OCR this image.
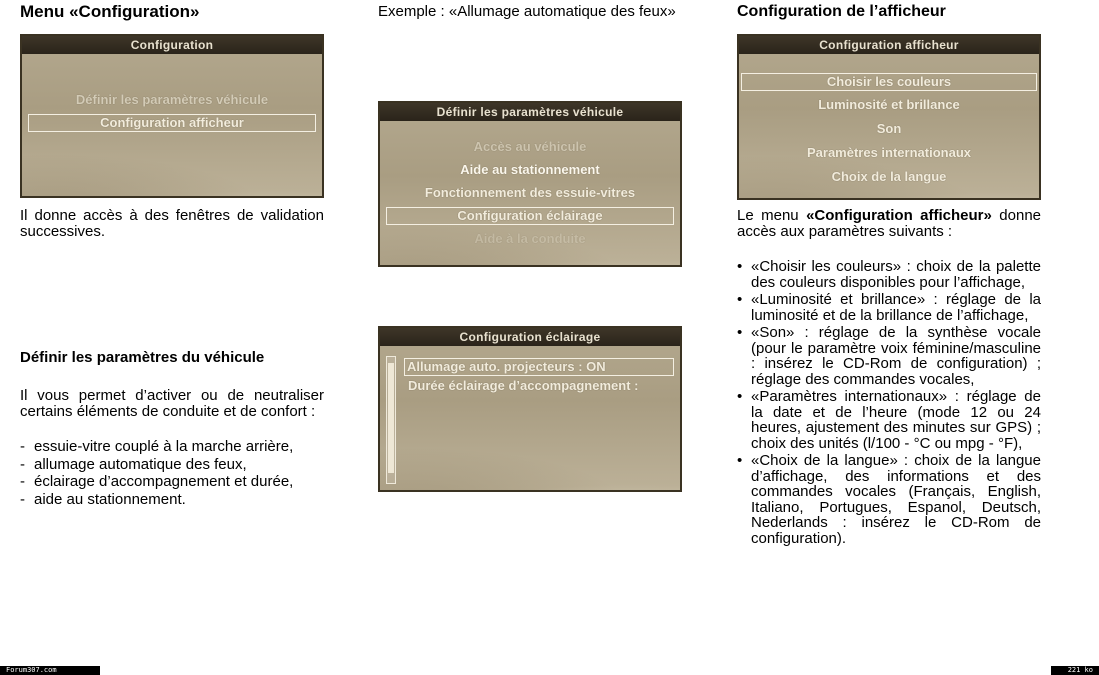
Menu «Configuration»
Configuration
Définir les paramètres véhicule
Configuration afficheur

Il donne accès à des fenêtres de validation successives.

Définir les paramètres du véhicule

Il vous permet d’activer ou de neutraliser certains éléments de conduite et de confort :

- essuie-vitre couplé à la marche arrière,
- allumage automatique des feux,
- éclairage d’accompagnement et durée,
- aide au stationnement.

Exemple : «Allumage automatique des feux»

Définir les paramètres véhicule
Accès au véhicule
Aide au stationnement
Fonctionnement des essuie-vitres
Configuration éclairage
Aide à la conduite
Configuration éclairage
Allumage auto. projecteurs : ON
Durée éclairage d’accompagnement :
Configuration de l’afficheur
Configuration afficheur
Choisir les couleurs
Luminosité et brillance
Son
Paramètres internationaux
Choix de la langue

Le menu «Configuration afficheur» donne accès aux paramètres suivants :

• «Choisir les couleurs» : choix de la palette des couleurs disponibles pour l’affichage,
• «Luminosité et brillance» : réglage de la luminosité et de la brillance de l’affichage,
• «Son» : réglage de la synthèse vocale (pour le paramètre voix féminine/masculine : insérez le CD-Rom de configuration) ; réglage des commandes vocales,
• «Paramètres internationaux» : réglage de la date et de l’heure (mode 12 ou 24 heures, ajustement des minutes sur GPS) ; choix des unités (l/100 - °C ou mpg - °F),
• «Choix de la langue» : choix de la langue d’affichage, des informations et des commandes vocales (Français, English, Italiano, Portugues, Espanol, Deutsch, Nederlands : insérez le CD-Rom de configuration).
Forum307.com	221 ko
